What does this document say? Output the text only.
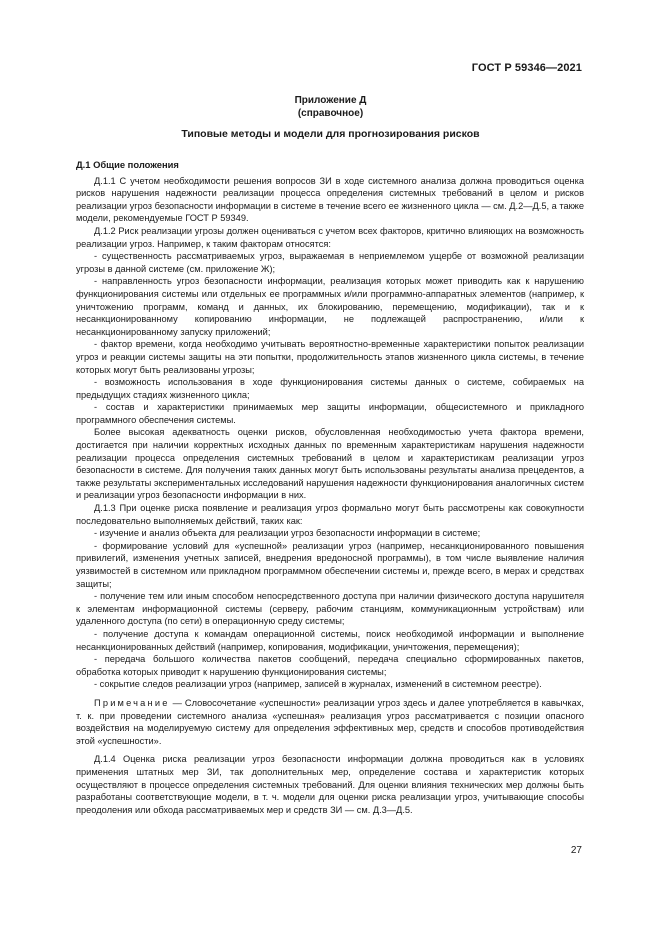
ГОСТ Р 59346—2021
Приложение Д
(справочное)
Типовые методы и модели для прогнозирования рисков
Д.1 Общие положения

Д.1.1 С учетом необходимости решения вопросов ЗИ в ходе системного анализа должна проводиться оценка рисков нарушения надежности реализации процесса определения системных требований в целом и рисков реализации угроз безопасности информации в системе в течение всего ее жизненного цикла — см. Д.2—Д.5, а также модели, рекомендуемые ГОСТ Р 59349.

Д.1.2 Риск реализации угрозы должен оцениваться с учетом всех факторов, критично влияющих на возможность реализации угроз. Например, к таким факторам относятся:

- существенность рассматриваемых угроз, выражаемая в неприемлемом ущербе от возможной реализации угрозы в данной системе (см. приложение Ж);

- направленность угроз безопасности информации, реализация которых может приводить как к нарушению функционирования системы или отдельных ее программных и/или программно-аппаратных элементов (например, к уничтожению программ, команд и данных, их блокированию, перемещению, модификации), так и к несанкционированному копированию информации, не подлежащей распространению, и/или к несанкционированному запуску приложений;

- фактор времени, когда необходимо учитывать вероятностно-временные характеристики попыток реализации угроз и реакции системы защиты на эти попытки, продолжительность этапов жизненного цикла системы, в течение которых могут быть реализованы угрозы;

- возможность использования в ходе функционирования системы данных о системе, собираемых на предыдущих стадиях жизненного цикла;

- состав и характеристики принимаемых мер защиты информации, общесистемного и прикладного программного обеспечения системы.

Более высокая адекватность оценки рисков, обусловленная необходимостью учета фактора времени, достигается при наличии корректных исходных данных по временным характеристикам нарушения надежности реализации процесса определения системных требований в целом и характеристикам реализации угроз безопасности в системе. Для получения таких данных могут быть использованы результаты анализа прецедентов, а также результаты экспериментальных исследований нарушения надежности функционирования аналогичных систем и реализации угроз безопасности информации в них.

Д.1.3 При оценке риска появление и реализация угроз формально могут быть рассмотрены как совокупности последовательно выполняемых действий, таких как:

- изучение и анализ объекта для реализации угроз безопасности информации в системе;

- формирование условий для «успешной» реализации угроз (например, несанкционированного повышения привилегий, изменения учетных записей, внедрения вредоносной программы), в том числе выявление наличия уязвимостей в системном или прикладном программном обеспечении системы и, прежде всего, в мерах и средствах защиты;

- получение тем или иным способом непосредственного доступа при наличии физического доступа нарушителя к элементам информационной системы (серверу, рабочим станциям, коммуникационным устройствам) или удаленного доступа (по сети) в операционную среду системы;

- получение доступа к командам операционной системы, поиск необходимой информации и выполнение несанкционированных действий (например, копирования, модификации, уничтожения, перемещения);

- передача большого количества пакетов сообщений, передача специально сформированных пакетов, обработка которых приводит к нарушению функционирования системы;

- сокрытие следов реализации угроз (например, записей в журналах, изменений в системном реестре).

Примечание — Словосочетание «успешности» реализации угроз здесь и далее употребляется в кавычках, т. к. при проведении системного анализа «успешная» реализация угроз рассматривается с позиции опасного воздействия на моделируемую систему для определения эффективных мер, средств и способов противодействия этой «успешности».

Д.1.4 Оценка риска реализации угроз безопасности информации должна проводиться как в условиях применения штатных мер ЗИ, так дополнительных мер, определение состава и характеристик которых осуществляют в процессе определения системных требований. Для оценки влияния технических мер должны быть разработаны соответствующие модели, в т. ч. модели для оценки риска реализации угроз, учитывающие способы преодоления или обхода рассматриваемых мер и средств ЗИ — см. Д.3—Д.5.

27
